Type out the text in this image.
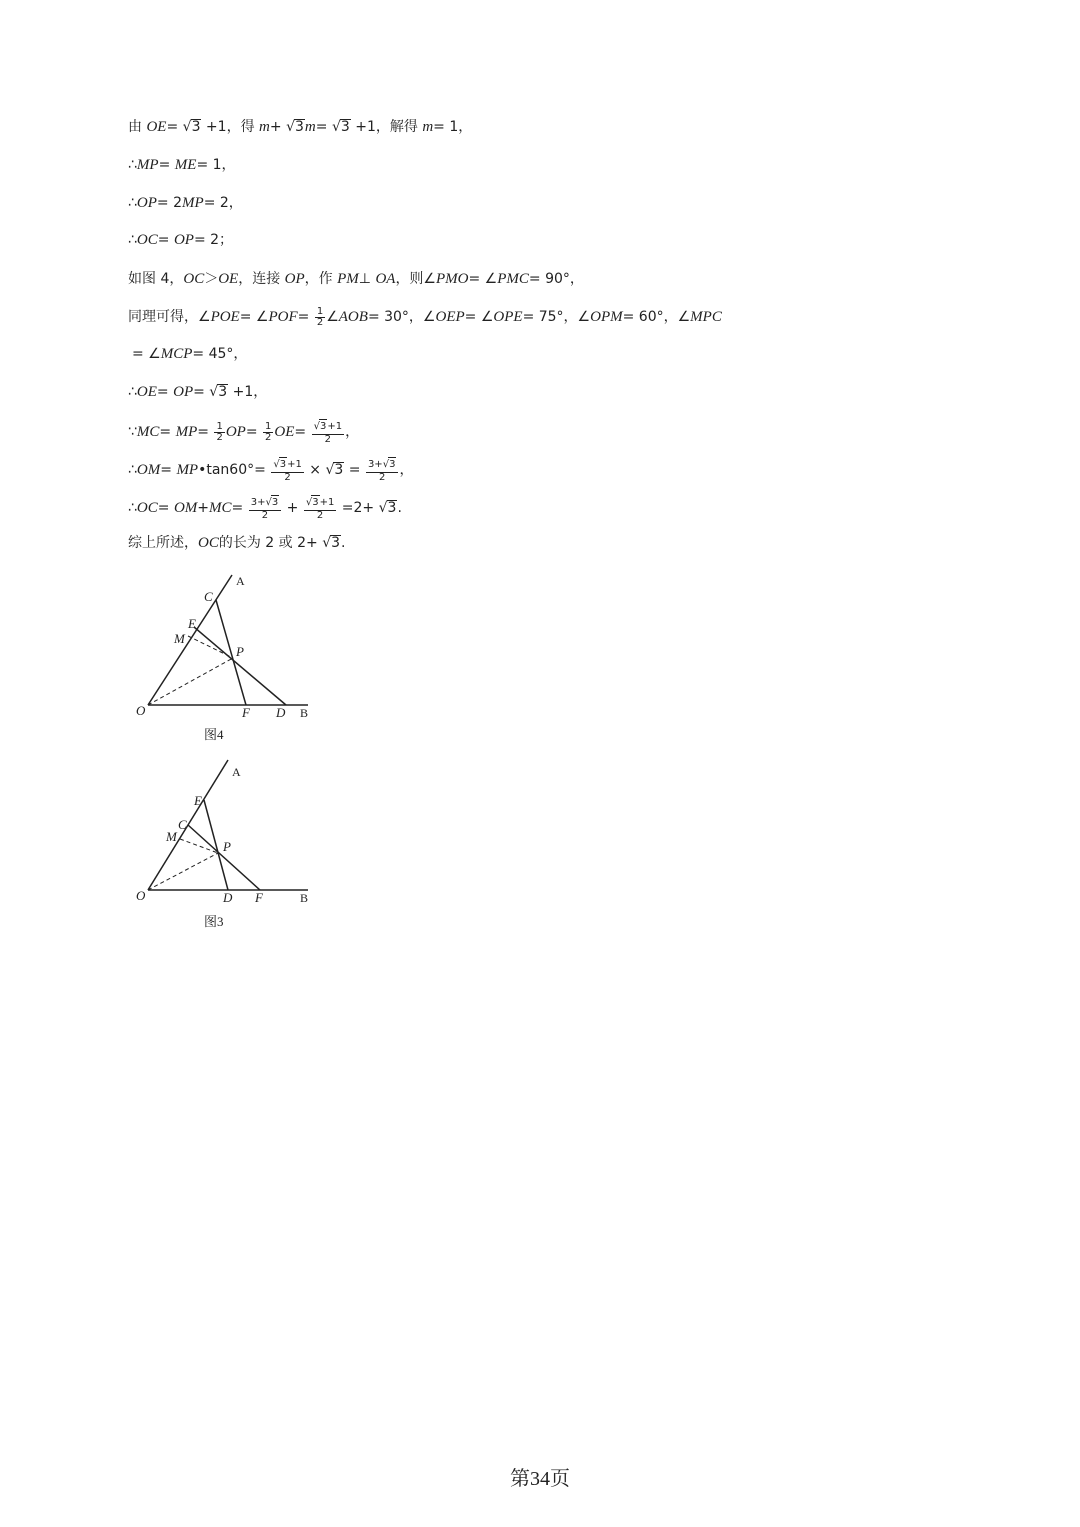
由 OE= √3 +1，得 m+ √3m= √3 +1，解得 m= 1，
∴MP= ME= 1，
∴OP= 2MP= 2，
∴OC= OP= 2；
如图 4，OC＞OE，连接 OP，作 PM⊥ OA，则∠PMO= ∠PMC= 90°，
同理可得，∠POE= ∠POF= $\frac{1}{2}$ ∠AOB= 30°，∠OEP= ∠OPE= 75°，∠OPM= 60°，∠MPC
= ∠MCP= 45°，
∴OE= OP= √3 +1，
∵MC= $MP= \frac{1}{2} OP= \frac{1}{2} OE= \frac{√3+1}{2}$ ，
∴OM= MP•tan60°= $\frac{√3+1}{2} \times √3 = \frac{3+√3}{2}$ ，
∴OC= $OM+MC= \frac{3+√3}{2} + \frac{√3+1}{2} =2+ √3$.
综上所述，OC的长为 2 或 2+ √3.
A
B
C
E
M
P
O	F D
图4
A
B
E
C
M
P
O	D F
图3
第34页
